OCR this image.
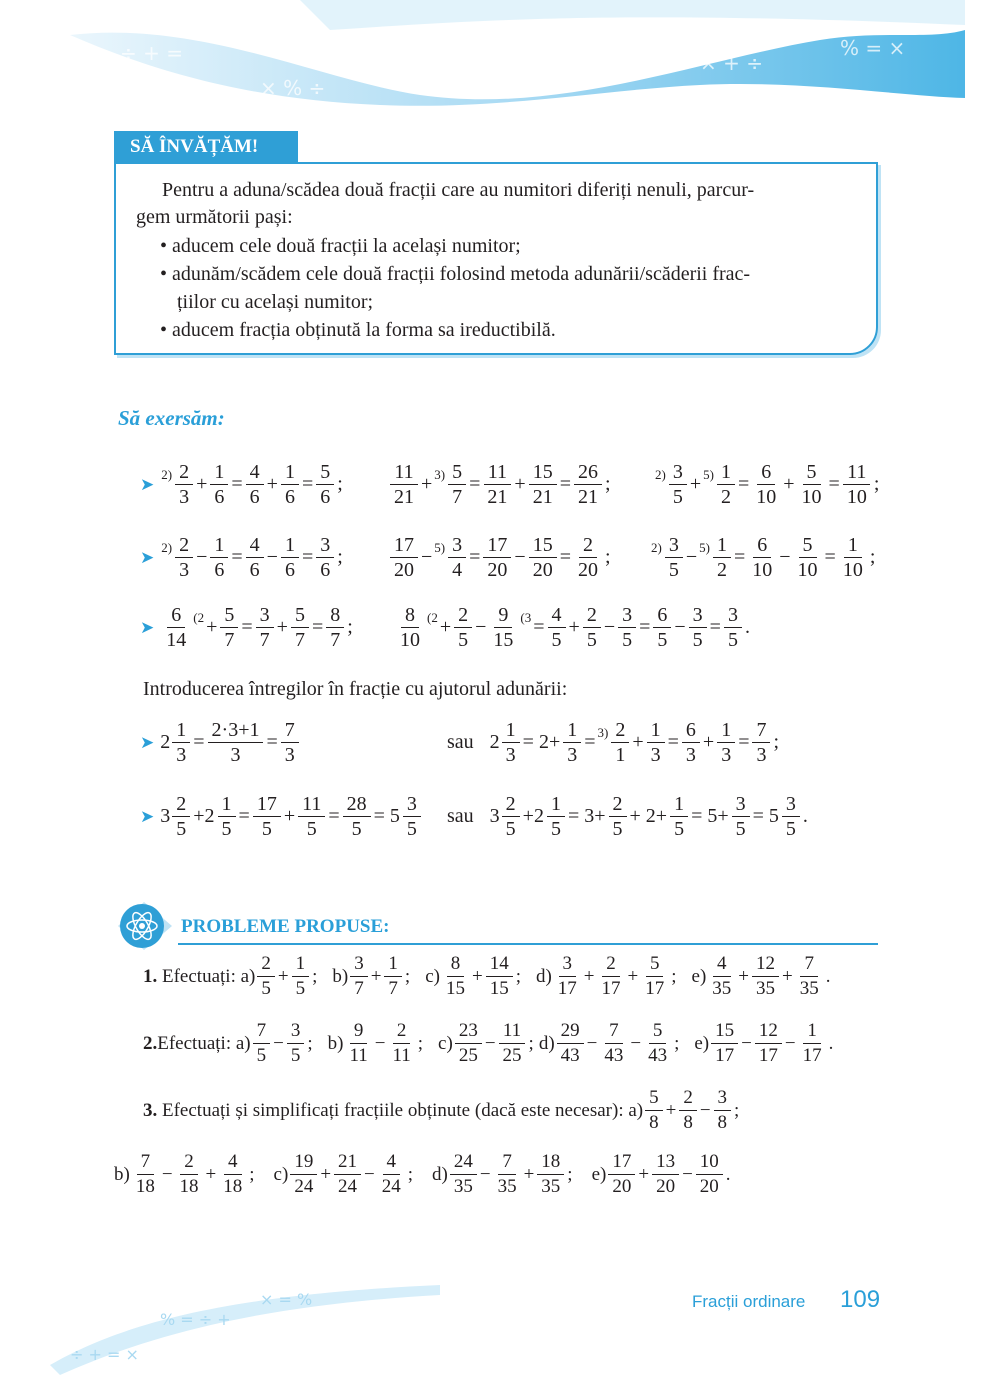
÷ + =
× % ÷
= + ×
÷ % =	× + ÷
% = ×
SĂ ÎNVĂȚĂM!
Pentru a aduna/scădea două fracții care au numitori diferiți nenuli, parcur-
gem următorii pași:
• aducem cele două fracții la același numitor;
• adunăm/scădem cele două fracții folosind metoda adunării/scăderii frac-
țiilor cu același numitor;
• aducem fracția obținută la forma sa ireductibilă.
Să exersăm:
➤
2) 2
3
+ $\frac{1}{6} = \frac{4}{6} + \frac{1}{6} = \frac{5}{6}$ ;
11
21
+ $3) \frac{5}{7} = \frac{11}{21} + \frac{15}{21} = \frac{26}{21}$ ;	2) 3
5
+ $5) \frac{1}{2} = \frac{6}{10} + \frac{5}{10} = \frac{11}{10}$ ;
➤
2) 2
3
− $\frac{1}{6} = \frac{4}{6} - \frac{1}{6} = \frac{3}{6}$ ;
17
20
− $5) \frac{3}{4} = \frac{17}{20} - \frac{15}{20} = \frac{2}{20}$ ;	2) 3
5
− $5) \frac{1}{2} = \frac{6}{10} - \frac{5}{10} = \frac{1}{10}$ ;
➤
6
14
($2 + \frac{5}{7} = \frac{3}{7} + \frac{5}{7} = \frac{8}{7}$ ;
8
10
($2 + \frac{2}{5} - \frac{9}{15} (3 = \frac{4}{5} + \frac{2}{5} - \frac{3}{5} = \frac{6}{5} - \frac{3}{5} = \frac{3}{5}$ .
Introducerea întregilor în fracție cu ajutorul adunării:
➤ $2 \frac{1}{3} = \frac{2\cdot 3+1}{3} = \frac{7}{3}$	sau $2 \frac{1}{3} = 2+ \frac{1}{3} = 3$) 2
1
+ $\frac{1}{3} = \frac{6}{3} + \frac{1}{3} = \frac{7}{3}$ ;
➤ 3
2
5
$+2 \frac{1}{5} = \frac{17}{5} + \frac{11}{5} = \frac{28}{5} = 5$
3
5
sau 3
2
5
$+2 \frac{1}{5} = 3+ \frac{2}{5} + 2+ \frac{1}{5} = 5+ \frac{3}{5} = 5$
3
5
.
PROBLEME PROPUSE:
1.
Efectuați: a)
2
5
+ $\frac{1}{5}$ ; b)
3
7
+ $\frac{1}{7}$ ; c)
8
15
+ $\frac{14}{15}$ ; d)
3
17
+ $\frac{2}{17} + \frac{5}{17}$ ; e)
4
35
+ $\frac{12}{35} + \frac{7}{35}$ .
2. Efectuați: a)
7
5
− $\frac{3}{5}$ ; b)
9
11
− $\frac{2}{11}$ ; c)
23
25
− $\frac{11}{25}$ ; d)
29
43
− $\frac{7}{43} - \frac{5}{43}$ ; e)
15
17
− $\frac{12}{17} - \frac{1}{17}$ .
3.
Efectuați și simplificați fracțiile obținute (dacă este necesar): a)
5
8
+ $\frac{2}{8} - \frac{3}{8}$ ;
b)
7
18
− $\frac{2}{18} + \frac{4}{18}$ ; c)
19
24
+ $\frac{21}{24} - \frac{4}{24}$ ; d)
24
35
− $\frac{7}{35} + \frac{18}{35}$ ; e)
17
20
+ $\frac{13}{20} - \frac{10}{20}$ .
÷ + = ×
% = ÷ +
× = %	Fracții ordinare 109
